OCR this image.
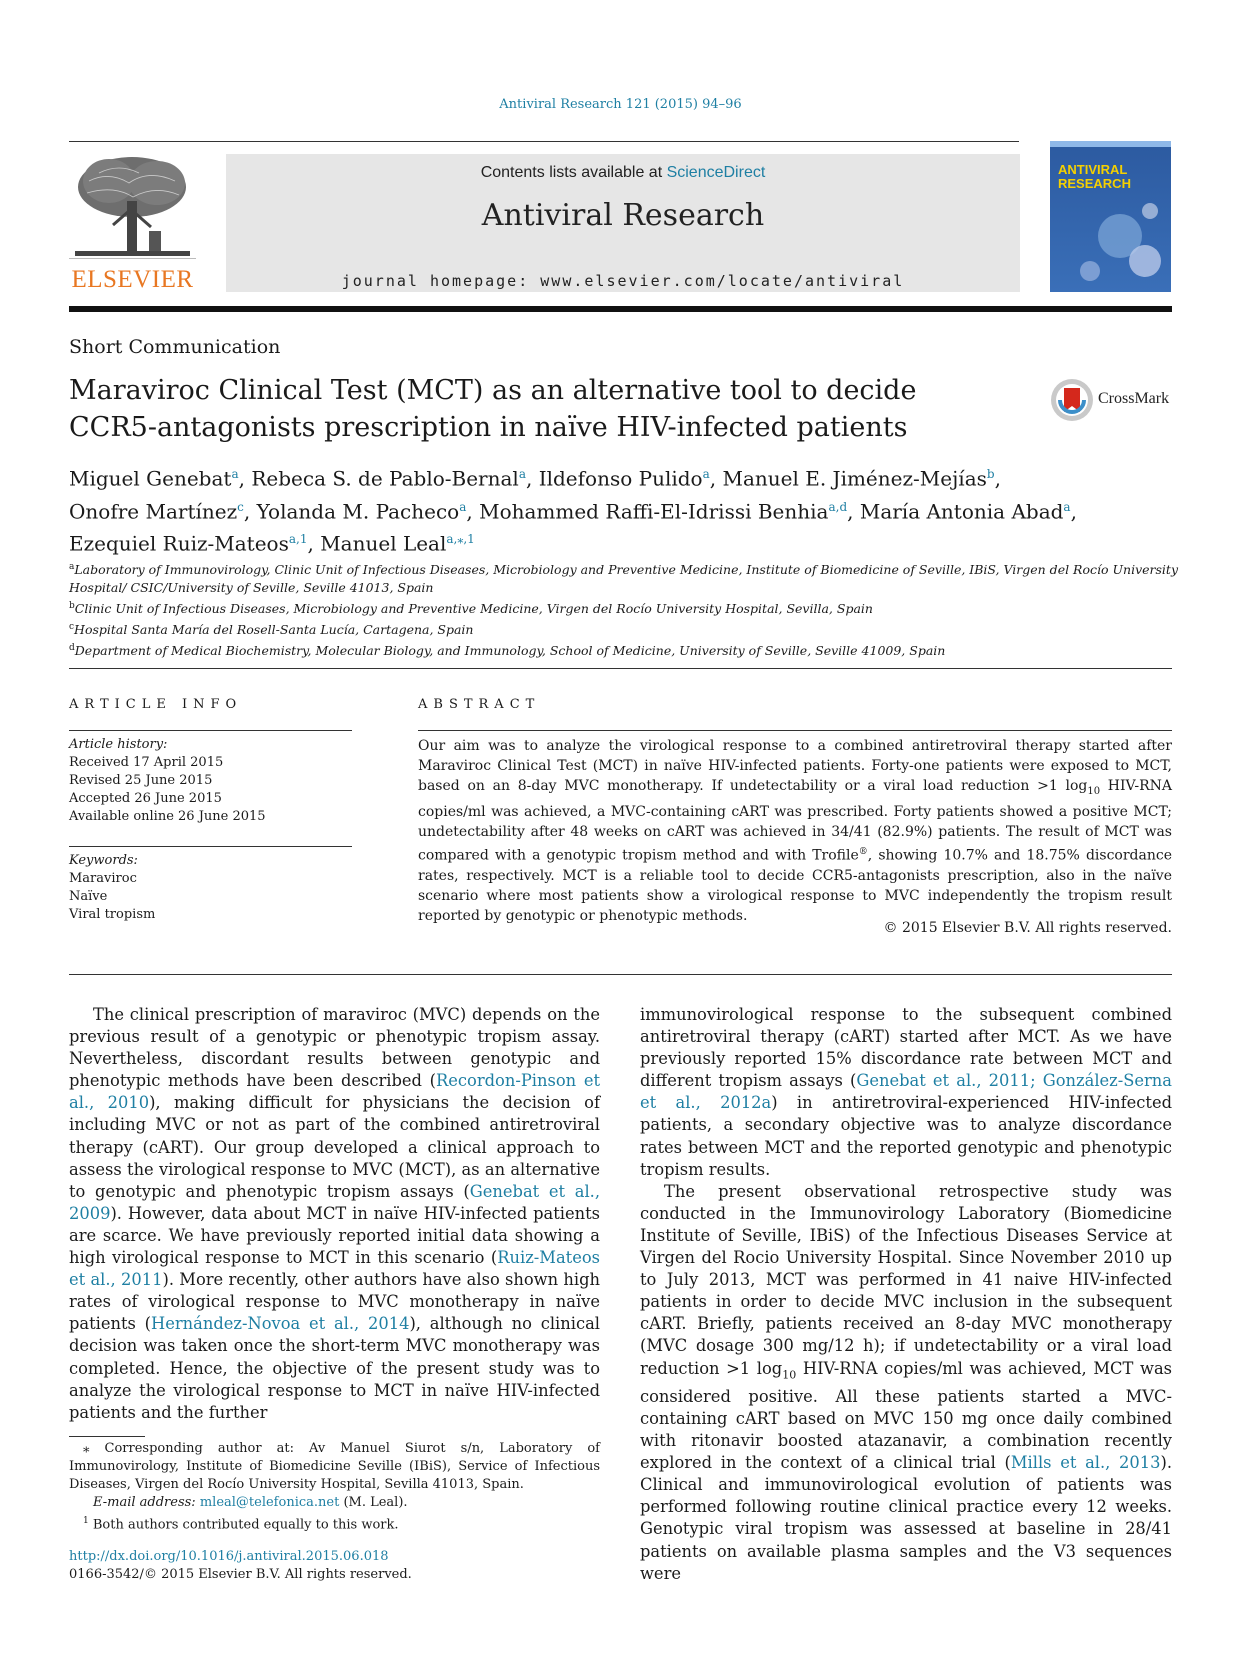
Antiviral Research 121 (2015) 94–96
ELSEVIER
Contents lists available at ScienceDirect
Antiviral Research
journal homepage: www.elsevier.com/locate/antiviral
ANTIVIRAL RESEARCH
Short Communication
Maraviroc Clinical Test (MCT) as an alternative tool to decide
CCR5-antagonists prescription in naïve HIV-infected patients
CrossMark
Miguel Genebat$^a$, Rebeca S. de Pablo-Bernal$^a$, Ildefonso Pulido$^a$, Manuel E. Jiménez-Mejías$^b$,
Onofre Martínez$^c$, Yolanda M. Pacheco$^a$, Mohammed Raffi-El-Idrissi Benhia$^{a,d}$, María Antonia Abad$^a$,
Ezequiel Ruiz-Mateos$^{a,1}$, Manuel Leal$^{a,⁎,1}$
$^a$Laboratory of Immunovirology, Clinic Unit of Infectious Diseases, Microbiology and Preventive Medicine, Institute of Biomedicine of Seville, IBiS, Virgen del Rocío University Hospital/ CSIC/University of Seville, Seville 41013, Spain
$^b$Clinic Unit of Infectious Diseases, Microbiology and Preventive Medicine, Virgen del Rocío University Hospital, Sevilla, Spain
$^c$Hospital Santa María del Rosell-Santa Lucía, Cartagena, Spain
$^d$Department of Medical Biochemistry, Molecular Biology, and Immunology, School of Medicine, University of Seville, Seville 41009, Spain
ARTICLE INFO
Article history:
Received 17 April 2015
Revised 25 June 2015
Accepted 26 June 2015
Available online 26 June 2015
Keywords:
Maraviroc
Naïve
Viral tropism
ABSTRACT
Our aim was to analyze the virological response to a combined antiretroviral therapy started after Maraviroc Clinical Test (MCT) in naïve HIV-infected patients. Forty-one patients were exposed to MCT, based on an 8-day MVC monotherapy. If undetectability or a viral load reduction >1 $\log_{10} HIV-RNA$ copies/ml was achieved, a MVC-containing cART was prescribed. Forty patients showed a positive MCT; undetectability after 48 weeks on cART was achieved in 34/41 (82.9%) patients. The result of MCT was compared with a genotypic tropism method and with Trofile®, showing 10.7% and 18.75% discordance rates, respectively. MCT is a reliable tool to decide CCR5-antagonists prescription, also in the naïve scenario where most patients show a virological response to MVC independently the tropism result reported by genotypic or phenotypic methods.
© 2015 Elsevier B.V. All rights reserved.

The clinical prescription of maraviroc (MVC) depends on the previous result of a genotypic or phenotypic tropism assay. Nevertheless, discordant results between genotypic and phenotypic methods have been described (Recordon-Pinson et al., 2010), making difficult for physicians the decision of including MVC or not as part of the combined antiretroviral therapy (cART). Our group developed a clinical approach to assess the virological response to MVC (MCT), as an alternative to genotypic and phenotypic tropism assays (Genebat et al., 2009). However, data about MCT in naïve HIV-infected patients are scarce. We have previously reported initial data showing a high virological response to MCT in this scenario (Ruiz-Mateos et al., 2011). More recently, other authors have also shown high rates of virological response to MVC monotherapy in naïve patients (Hernández-Novoa et al., 2014), although no clinical decision was taken once the short-term MVC monotherapy was completed. Hence, the objective of the present study was to analyze the virological response to MCT in naïve HIV-infected patients and the further

immunovirological response to the subsequent combined antiretroviral therapy (cART) started after MCT. As we have previously reported 15% discordance rate between MCT and different tropism assays (Genebat et al., 2011; González-Serna et al., 2012a) in antiretroviral-experienced HIV-infected patients, a secondary objective was to analyze discordance rates between MCT and the reported genotypic and phenotypic tropism results.

The present observational retrospective study was conducted in the Immunovirology Laboratory (Biomedicine Institute of Seville, IBiS) of the Infectious Diseases Service at Virgen del Rocio University Hospital. Since November 2010 up to July 2013, MCT was performed in 41 naive HIV-infected patients in order to decide MVC inclusion in the subsequent cART. Briefly, patients received an 8-day MVC monotherapy (MVC dosage 300 mg/12 h); if undetectability or a viral load reduction >1 $\log_{10} HIV-RNA$ copies/ml was achieved, MCT was considered positive. All these patients started a MVC-containing cART based on MVC 150 mg once daily combined with ritonavir boosted atazanavir, a combination recently explored in the context of a clinical trial (Mills et al., 2013). Clinical and immunovirological evolution of patients was performed following routine clinical practice every 12 weeks. Genotypic viral tropism was assessed at baseline in 28/41 patients on available plasma samples and the V3 sequences were

⁎ Corresponding author at: Av Manuel Siurot s/n, Laboratory of Immunovirology, Institute of Biomedicine Seville (IBiS), Service of Infectious Diseases, Virgen del Rocío University Hospital, Sevilla 41013, Spain.

E-mail address: mleal@telefonica.net (M. Leal).

$^1$ Both authors contributed equally to this work.

http://dx.doi.org/10.1016/j.antiviral.2015.06.018
0166-3542/© 2015 Elsevier B.V. All rights reserved.
